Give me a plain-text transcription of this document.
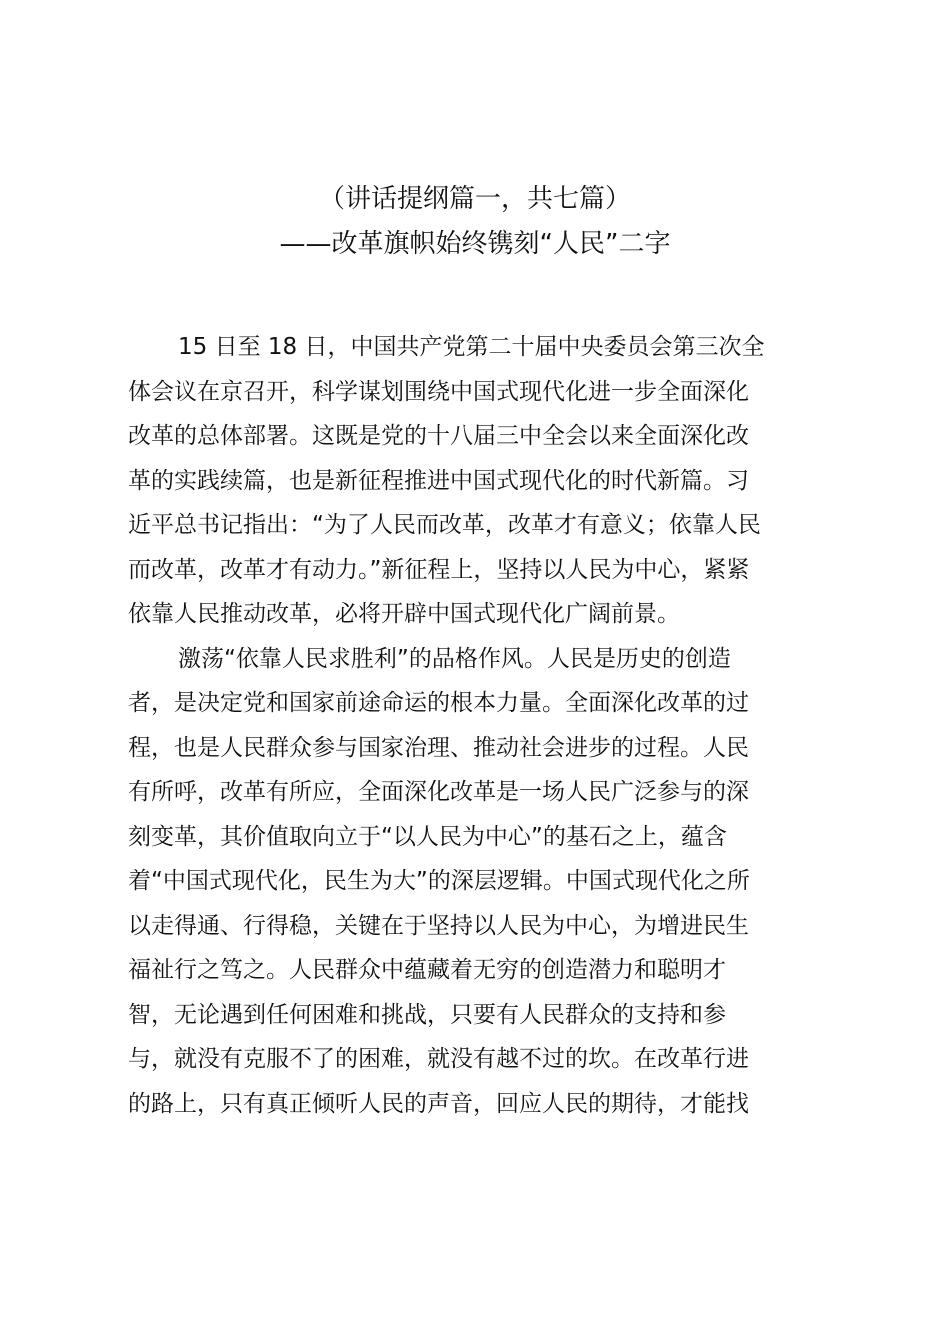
（讲话提纲篇一，共七篇）
——改革旗帜始终镌刻“人民”二字
15 日至 18 日，中国共产党第二十届中央委员会第三次全
体会议在京召开，科学谋划围绕中国式现代化进一步全面深化
改革的总体部署。这既是党的十八届三中全会以来全面深化改
革的实践续篇，也是新征程推进中国式现代化的时代新篇。习
近平总书记指出：“为了人民而改革，改革才有意义；依靠人民
而改革，改革才有动力。”新征程上，坚持以人民为中心，紧紧
依靠人民推动改革，必将开辟中国式现代化广阔前景。
激荡“依靠人民求胜利”的品格作风。人民是历史的创造
者，是决定党和国家前途命运的根本力量。全面深化改革的过
程，也是人民群众参与国家治理、推动社会进步的过程。人民
有所呼，改革有所应，全面深化改革是一场人民广泛参与的深
刻变革，其价值取向立于“以人民为中心”的基石之上，蕴含
着“中国式现代化，民生为大”的深层逻辑。中国式现代化之所
以走得通、行得稳，关键在于坚持以人民为中心，为增进民生
福祉行之笃之。人民群众中蕴藏着无穷的创造潜力和聪明才
智，无论遇到任何困难和挑战，只要有人民群众的支持和参
与，就没有克服不了的困难，就没有越不过的坎。在改革行进
的路上，只有真正倾听人民的声音，回应人民的期待，才能找
